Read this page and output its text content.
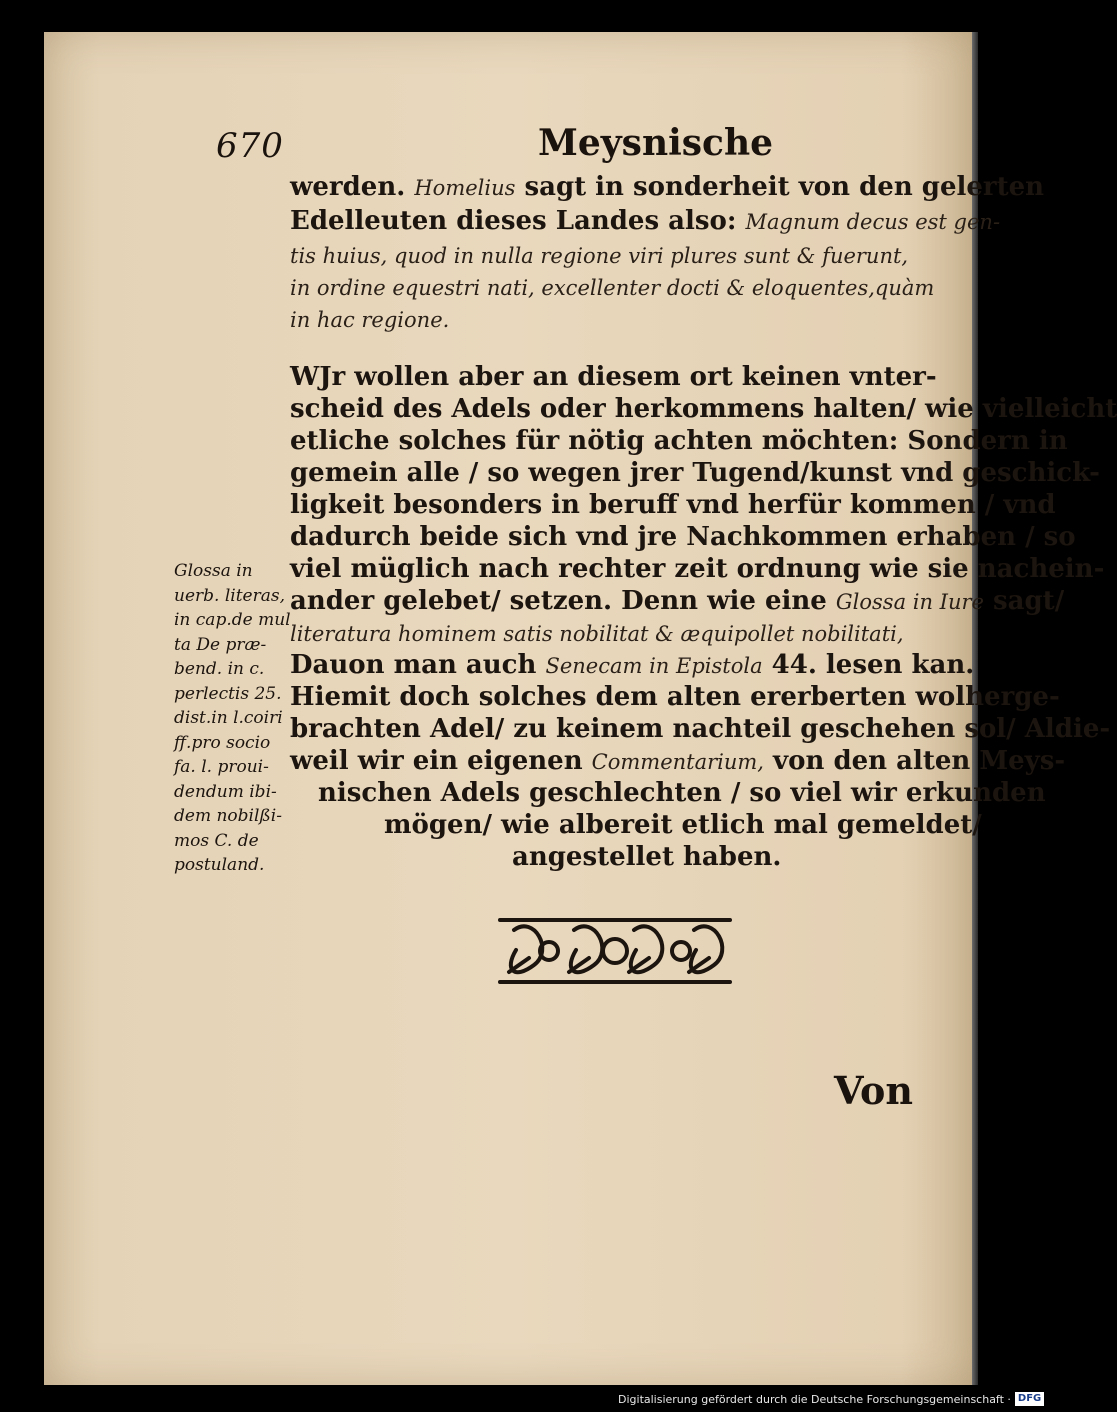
670	Meysnische
werden. Homelius sagt in sonderheit von den gelerten
Edelleuten dieses Landes also: Magnum decus est gen-
tis huius, quod in nulla regione viri plures sunt & fuerunt,
in ordine equestri nati, excellenter docti & eloquentes,quàm
in hac regione.
WJr wollen aber an diesem ort keinen vnter-
scheid des Adels oder herkommens halten/ wie vielleicht
etliche solches für nötig achten möchten: Sondern in
gemein alle / so wegen jrer Tugend/kunst vnd geschick-
ligkeit besonders in beruff vnd herfür kommen / vnd
dadurch beide sich vnd jre Nachkommen erhaben / so
viel müglich nach rechter zeit ordnung wie sie nachein-
ander gelebet/ setzen. Denn wie eine Glossa in Iure sagt/
literatura hominem satis nobilitat & æquipollet nobilitati,
Dauon man auch Senecam in Epistola 44. lesen kan.
Hiemit doch solches dem alten ererberten wolherge-
brachten Adel/ zu keinem nachteil geschehen sol/ Aldie-
weil wir ein eigenen Commentarium, von den alten Meys-
nischen Adels geschlechten / so viel wir erkunden
mögen/ wie albereit etlich mal gemeldet/
angestellet haben.
Glossa in
uerb. literas,
in cap.de mul
ta De præ-
bend. in c.
perlectis 25.
dist.in l.coiri
ff.pro socio
fa. l. proui-
dendum ibi-
dem nobilßi-
mos C. de
postuland.
Von
Digitalisierung gefördert durch die Deutsche Forschungsgemeinschaft · DFG
